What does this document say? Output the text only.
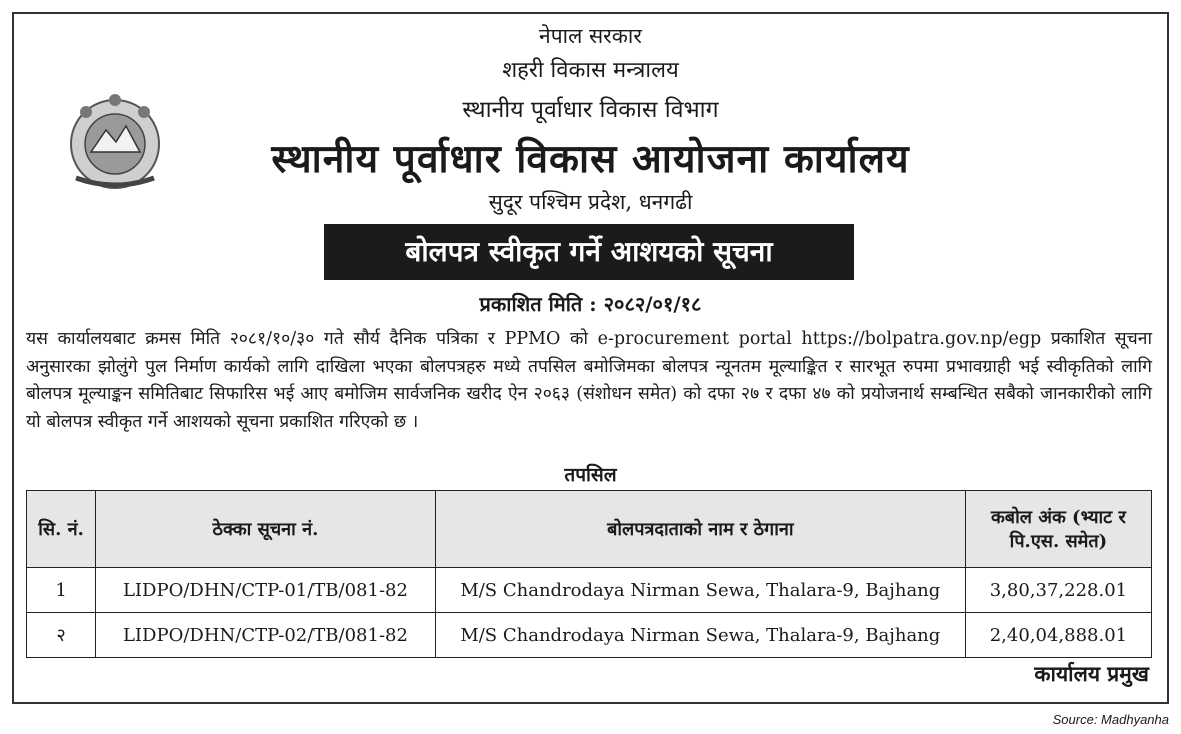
नेपाल सरकार
शहरी विकास मन्त्रालय
स्थानीय पूर्वाधार विकास विभाग
स्थानीय पूर्वाधार विकास आयोजना कार्यालय
सुदूर पश्चिम प्रदेश, धनगढी
बोलपत्र स्वीकृत गर्ने आशयको सूचना
प्रकाशित मिति : २०८२/०१/१८
यस कार्यालयबाट क्रमस मिति २०८१/१०/३० गते सौर्य दैनिक पत्रिका र PPMO को e-procurement portal https://bolpatra.gov.np/egp प्रकाशित सूचना अनुसारका झोलुंगे पुल निर्माण कार्यको लागि दाखिला भएका बोलपत्रहरु मध्ये तपसिल बमोजिमका बोलपत्र न्यूनतम मूल्याङ्कित र सारभूत रुपमा प्रभावग्राही भई स्वीकृतिको लागि बोलपत्र मूल्याङ्कन समितिबाट सिफारिस भई आए बमोजिम सार्वजनिक खरीद ऐन २०६३ (संशोधन समेत) को दफा २७ र दफा ४७ को प्रयोजनार्थ सम्बन्धित सबैको जानकारीको लागि यो बोलपत्र स्वीकृत गर्ने आशयको सूचना प्रकाशित गरिएको छ ।
तपसिल
सि. नं.	ठेक्का सूचना नं.	बोलपत्रदाताको नाम र ठेगाना	कबोल अंक (भ्याट र पि.एस. समेत)
1	LIDPO/DHN/CTP-01/TB/081-82	M/S Chandrodaya Nirman Sewa, Thalara-9, Bajhang	3,80,37,228.01
२	LIDPO/DHN/CTP-02/TB/081-82	M/S Chandrodaya Nirman Sewa, Thalara-9, Bajhang	2,40,04,888.01
कार्यालय प्रमुख
Source: Madhyanha
